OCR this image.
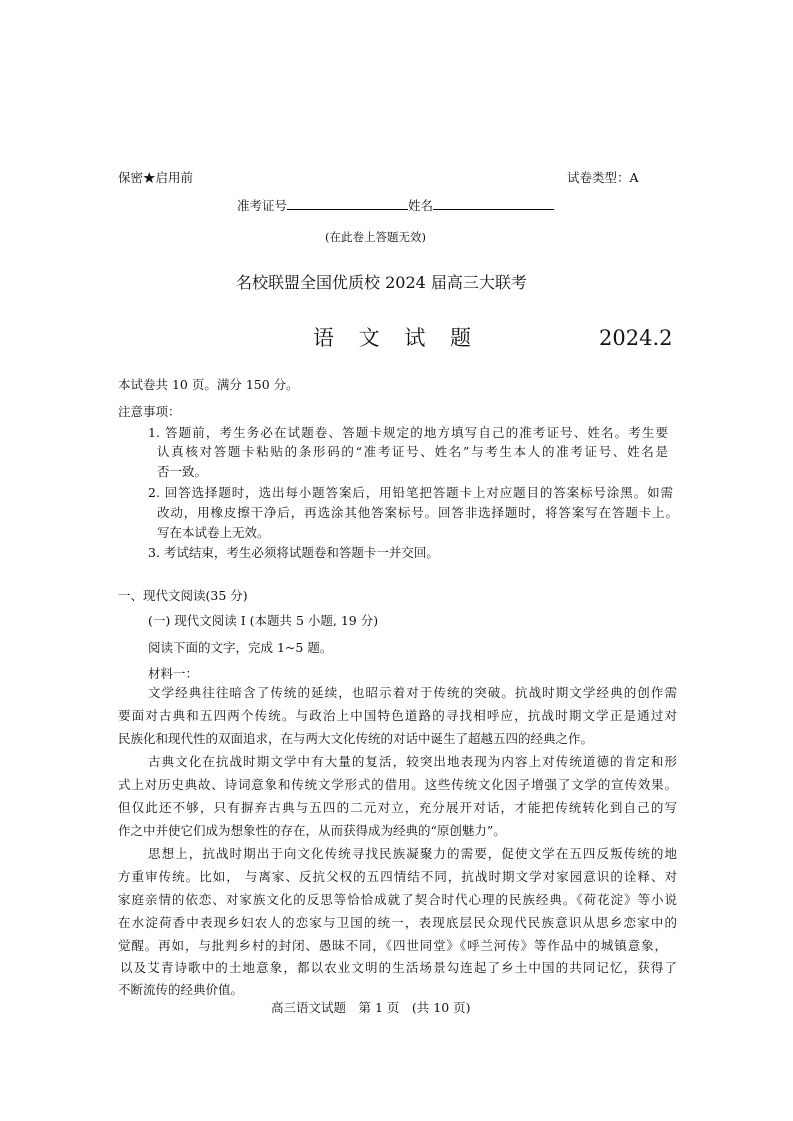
保密★启用前	试卷类型：A
准考证号	姓名
(在此卷上答题无效)
名校联盟全国优质校 2024 届高三大联考
语 文 试 题	2024.2
本试卷共 10 页。满分 150 分。
注意事项：
1. 答题前，考生务必在试题卷、答题卡规定的地方填写自己的准考证号、姓名。考生要
认真核对答题卡粘贴的条形码的“准考证号、姓名”与考生本人的准考证号、姓名是
否一致。
2. 回答选择题时，选出每小题答案后，用铅笔把答题卡上对应题目的答案标号涂黑。如需
改动，用橡皮擦干净后，再选涂其他答案标号。回答非选择题时，将答案写在答题卡上。
写在本试卷上无效。
3. 考试结束，考生必须将试题卷和答题卡一并交回。
一、现代文阅读(35 分)
(一) 现代文阅读 Ⅰ (本题共 5 小题, 19 分)
阅读下面的文字，完成 1~5 题。
材料一：
文学经典往往暗含了传统的延续，也昭示着对于传统的突破。抗战时期文学经典的创作需
要面对古典和五四两个传统。与政治上中国特色道路的寻找相呼应，抗战时期文学正是通过对
民族化和现代性的双面追求，在与两大文化传统的对话中诞生了超越五四的经典之作。
古典文化在抗战时期文学中有大量的复活，较突出地表现为内容上对传统道德的肯定和形
式上对历史典故、诗词意象和传统文学形式的借用。这些传统文化因子增强了文学的宣传效果。
但仅此还不够，只有摒弃古典与五四的二元对立，充分展开对话，才能把传统转化到自己的写
作之中并使它们成为想象性的存在，从而获得成为经典的“原创魅力”。
思想上，抗战时期出于向文化传统寻找民族凝聚力的需要，促使文学在五四反叛传统的地
方重审传统。比如， 与离家、反抗父权的五四情结不同，抗战时期文学对家园意识的诠释、对
家庭亲情的依恋、对家族文化的反思等恰恰成就了契合时代心理的民族经典。《荷花淀》等小说
在水淀荷香中表现乡妇农人的恋家与卫国的统一，表现底层民众现代民族意识从思乡恋家中的
觉醒。再如，与批判乡村的封闭、愚昧不同，《四世同堂》《呼兰河传》等作品中的城镇意象，
以及艾青诗歌中的土地意象，都以农业文明的生活场景勾连起了乡土中国的共同记忆，获得了
不断流传的经典价值。
高三语文试题　第 1 页　(共 10 页)
